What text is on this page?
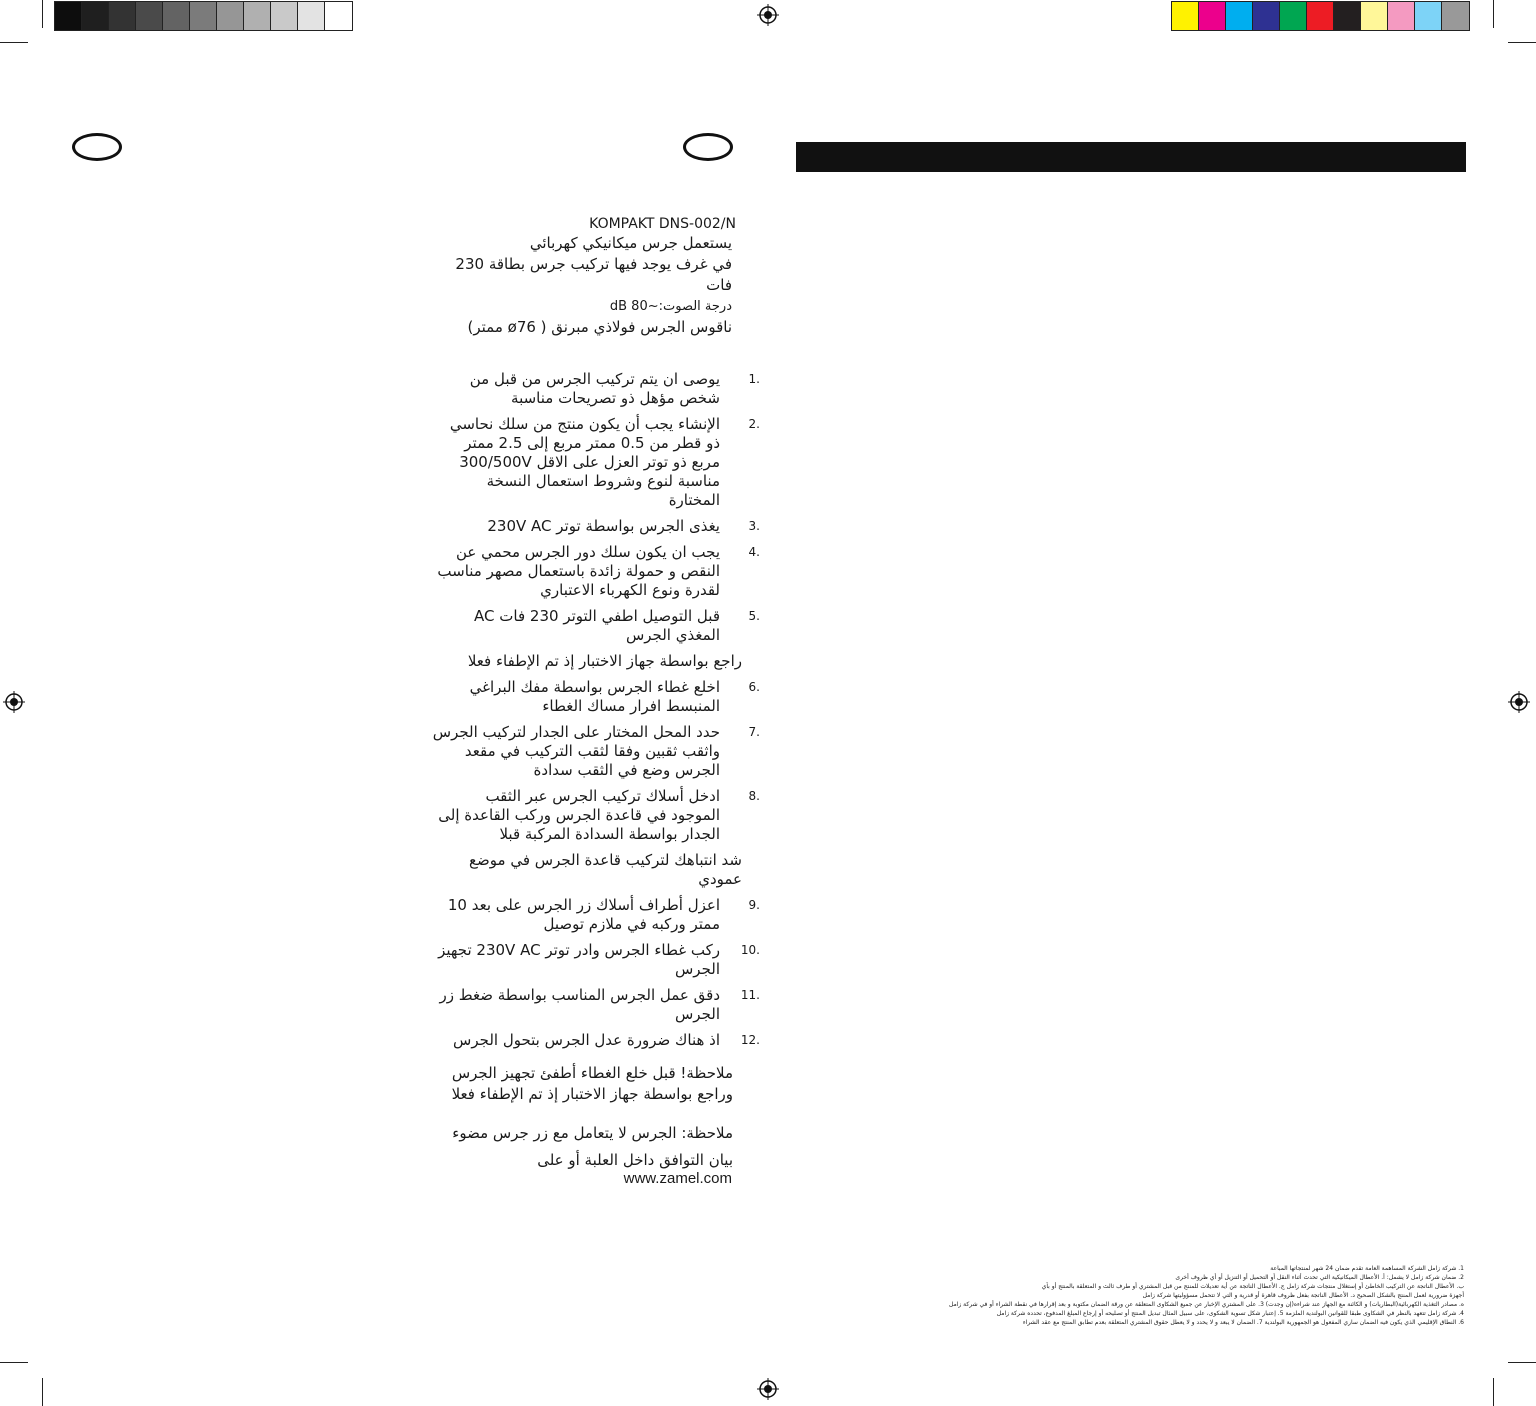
KOMPAKT DNS-002/N
يستعمل جرس ميكانيكي كهربائي
في غرف يوجد فيها تركيب جرس بطاقة 230
فات
درجة الصوت:~80 dB
ناقوس الجرس فولاذي مبرنق ( ø76 ممتر)
1.
يوصى ان يتم تركيب الجرس من قبل من شخص مؤهل ذو تصريحات مناسبة
2.
الإنشاء يجب أن يكون منتج من سلك نحاسي ذو قطر من 0.5 ممتر مربع إلى 2.5 ممتر مربع ذو توتر العزل على الاقل 300/500V مناسبة لنوع وشروط استعمال النسخة المختارة
3.
يغذى الجرس بواسطة توتر 230V AC
4.
يجب ان يكون سلك دور الجرس محمي عن النقص و حمولة زائدة باستعمال مصهر مناسب لقدرة ونوع الكهرباء الاعتباري
5.
قبل التوصيل اطفي التوتر 230 فات AC المغذي الجرس
راجع بواسطة جهاز الاختبار إذ تم الإطفاء فعلا
6.
اخلع غطاء الجرس بواسطة مفك البراغي المنبسط افرار مساك الغطاء
7.
حدد المحل المختار على الجدار لتركيب الجرس واثقب ثقبين وفقا لثقب التركيب في مقعد الجرس وضع في الثقب سدادة
8.
ادخل أسلاك تركيب الجرس عبر الثقب الموجود في قاعدة الجرس وركب القاعدة إلى الجدار بواسطة السدادة المركبة قبلا
شد انتباهك لتركيب قاعدة الجرس في موضع عمودي
9.
اعزل أطراف أسلاك زر الجرس على بعد 10 ممتر وركبه في ملازم توصيل
10.
ركب غطاء الجرس وادر توتر 230V AC تجهيز الجرس
11.
دقق عمل الجرس المناسب بواسطة ضغط زر الجرس
12.
اذ هناك ضرورة عدل الجرس بتحول الجرس
ملاحظة! قبل خلع الغطاء أطفئ تجهيز الجرس وراجع بواسطة جهاز الاختبار إذ تم الإطفاء فعلا
ملاحظة: الجرس لا يتعامل مع زر جرس مضوء
بيان التوافق داخل العلبة أو على
www.zamel.com
1. شركة زامل الشركة المساهمة العامة تقدم ضمان 24 شهر لمنتجاتها المباعة
2. ضمان شركة زامل لا يشمل: أ. الأعطال الميكانيكية التي تحدث أثناء النقل أو التحميل أو التنزيل أو أي ظروف أخرى
ب. الأعطال الناتجة عن التركيب الخاطئ أو إستغلال منتجات شركة زامل ج. الأعطال الناتجة عن أية تعديلات للمنتج من قبل المشتري أو طرف ثالث و المتعلقة بالمنتج أو بأي
أجهزة ضرورية لعمل المنتج بالشكل الصحيح د. الأعطال الناتجة بفعل ظروف قاهرة أو قدرية و التي لا تتحمل مسؤوليتها شركة زامل
ه. مصادر التغذية الكهربائية(البطاريات) و الكائنة مع الجهاز عند شراءه(إن وجدت) 3. على المشتري الإخبار عن جميع الشكاوى المتعلقة عن ورقة الضمان مكتوبة و بعد إقرارها في نقطة الشراء أو في شركة زامل
4. شركة زامل تتعهد بالنظر في الشكاوى طبقا للقوانين البولندية الملزمة 5. إعتبار شكل تسوية الشكوى، على سبيل المثال تبديل المنتج أو تصليحه أو إرجاع المبلغ المدفوع، تحدده شركة زامل
6. النطاق الإقليمي الذي يكون فيه الضمان ساري المفعول هو الجمهورية البولندية 7. الضمان لا يبعد و لا يحدد و لا يعطل حقوق المشتري المتعلقة بعدم تطابق المنتج مع عقد الشراء
